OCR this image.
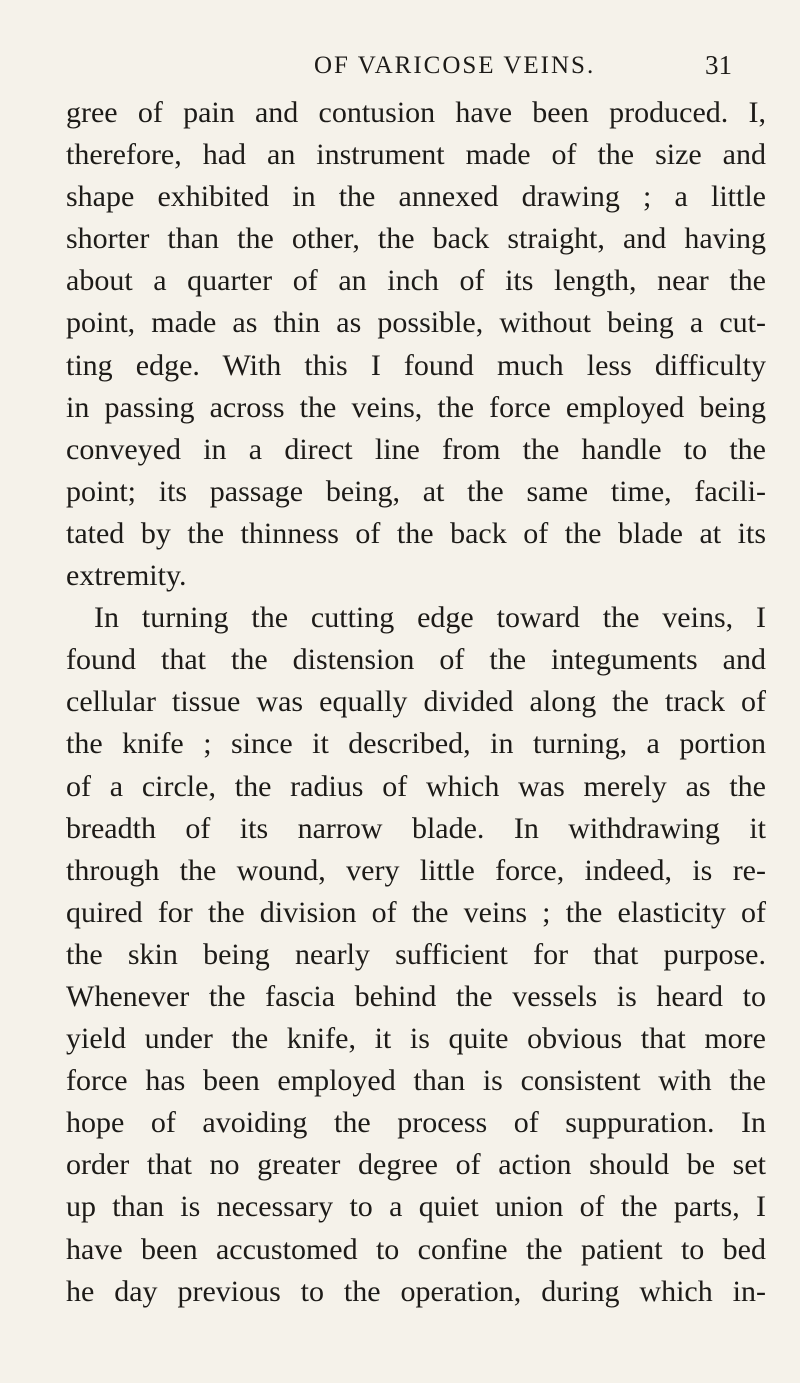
OF VARICOSE VEINS.	31
gree of pain and contusion have been produced. I,
therefore, had an instrument made of the size and
shape exhibited in the annexed drawing ; a little
shorter than the other, the back straight, and having
about a quarter of an inch of its length, near the
point, made as thin as possible, without being a cut-
ting edge. With this I found much less difficulty
in passing across the veins, the force employed being
conveyed in a direct line from the handle to the
point; its passage being, at the same time, facili-
tated by the thinness of the back of the blade at its
extremity.
In turning the cutting edge toward the veins, I
found that the distension of the integuments and
cellular tissue was equally divided along the track of
the knife ; since it described, in turning, a portion
of a circle, the radius of which was merely as the
breadth of its narrow blade. In withdrawing it
through the wound, very little force, indeed, is re-
quired for the division of the veins ; the elasticity of
the skin being nearly sufficient for that purpose.
Whenever the fascia behind the vessels is heard to
yield under the knife, it is quite obvious that more
force has been employed than is consistent with the
hope of avoiding the process of suppuration. In
order that no greater degree of action should be set
up than is necessary to a quiet union of the parts, I
have been accustomed to confine the patient to bed
he day previous to the operation, during which in-
